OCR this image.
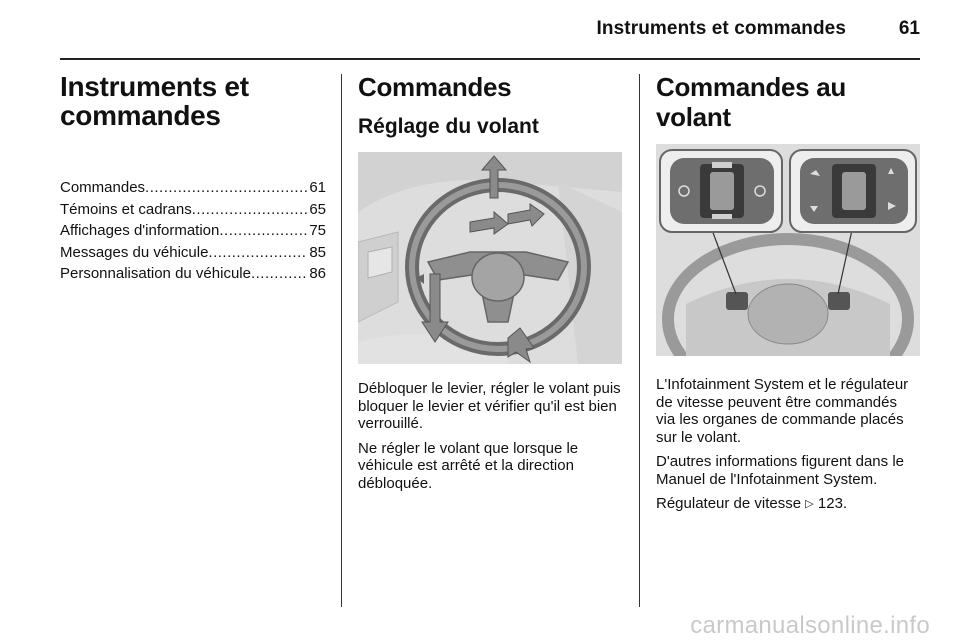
Instruments et commandes	61
Instruments et
commandes
Commandes .....	61
Témoins et cadrans .....	65
Affichages d'information .....	75
Messages du véhicule .....	85
Personnalisation du véhicule .....	86
Commandes
Réglage du volant

Débloquer le levier, régler le volant puis bloquer le levier et vérifier qu'il est bien verrouillé.

Ne régler le volant que lorsque le véhicule est arrêté et la direction débloquée.

Commandes au volant

L'Infotainment System et le régulateur de vitesse peuvent être commandés via les organes de commande placés sur le volant.

D'autres informations figurent dans le Manuel de l'Infotainment System.

Régulateur de vitesse ▷ 123.

carmanualsonline.info
